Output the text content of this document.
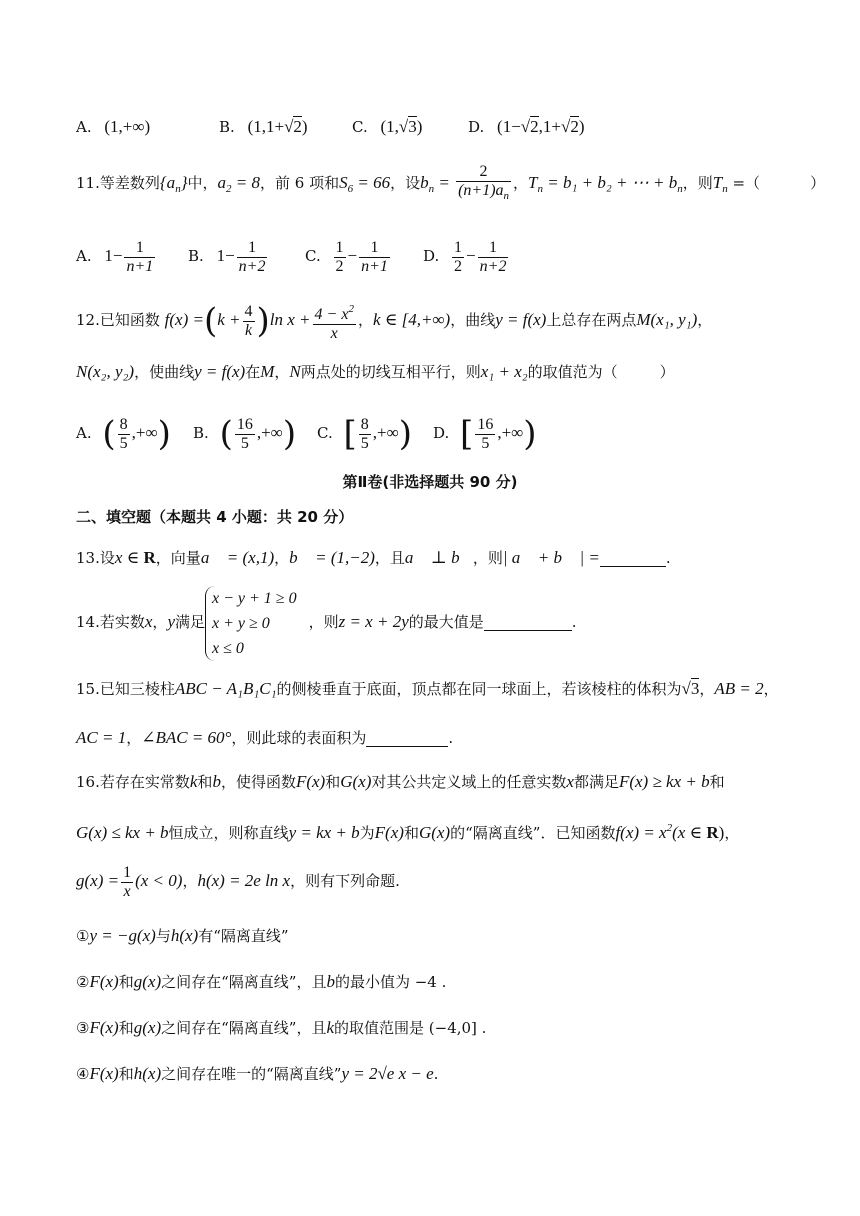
A. (1,+∞)	B. (1,1+√2)	C. (1,√3)	D. (1−√2,1+√2)
11.等差数列$\{a_n\}$中，$a_2 = 8$，前 6 项和$S_6 = 66$，设$b_n = \frac{2}{(n+1)a_n}$ ，$T_n = b_1 + b_2$ + ⋯ + $b_n$，则$T_n$ =（	）
A. $1- \frac{1}{n+1} B$. $1- \frac{1}{n+2}$	C. $\frac{1}{2} - \frac{1}{n+1} D$. $\frac{1}{2} - \frac{1}{n+2}$
12.已知函数 $f(x) =(k + \frac{4}{k} )\ln$ $x + \frac{4 - x^2}{x}$ ，k ∈ [4,+∞)，曲线y = f(x)上总存在两点M(x₁, y₁)，
N(x₂, y₂)，使曲线y = f(x)在M，N两点处的切线互相平行，则x₁ + x₂的取值范为（	）
A. ( $\frac{8}{5}$ ,+∞) B. ( $\frac{16}{5}$ ,+∞) C. [ $\frac{8}{5}$ ,+∞) D. [ $\frac{16}{5}$ ,+∞)
第Ⅱ卷(非选择题共 90 分)
二、填空题（本题共 4 小题：共 20 分）
13.设x ∈ R，向量a⃗ = (x,1)，b⃗ = (1,−2)，且a⃗ ⊥ b⃗，则| a⃗ + b⃗ | =	.
14.若实数x，y满足
x − y + 1 ≥ 0
x + y ≥ 0
x ≤ 0
，则z = x + 2y的最大值是	.
15.已知三棱柱ABC − A₁B₁C₁的侧棱垂直于底面，顶点都在同一球面上，若该棱柱的体积为√3，AB = 2，
AC = 1，∠BAC = 60°，则此球的表面积为	.
16.若存在实常数k和b，使得函数F(x)和G(x)对其公共定义域上的任意实数x都满足F(x) ≥ kx + b和
G(x) ≤ kx + b恒成立，则称直线y = kx + b为F(x)和G(x)的“隔离直线”．已知函数$f(x) = x^2(x$ ∈ R)，
$g(x) = \frac{1}{x} (x < 0)$，h(x) = 2e ln x，则有下列命题.
①y = −g(x)与h(x)有“隔离直线”
②F(x)和g(x)之间存在“隔离直线”，且b的最小值为 −4 .
③F(x)和g(x)之间存在“隔离直线”，且k的取值范围是 (−4,0] .
④F(x)和h(x)之间存在唯一的“隔离直线”y = 2√e x − e.
